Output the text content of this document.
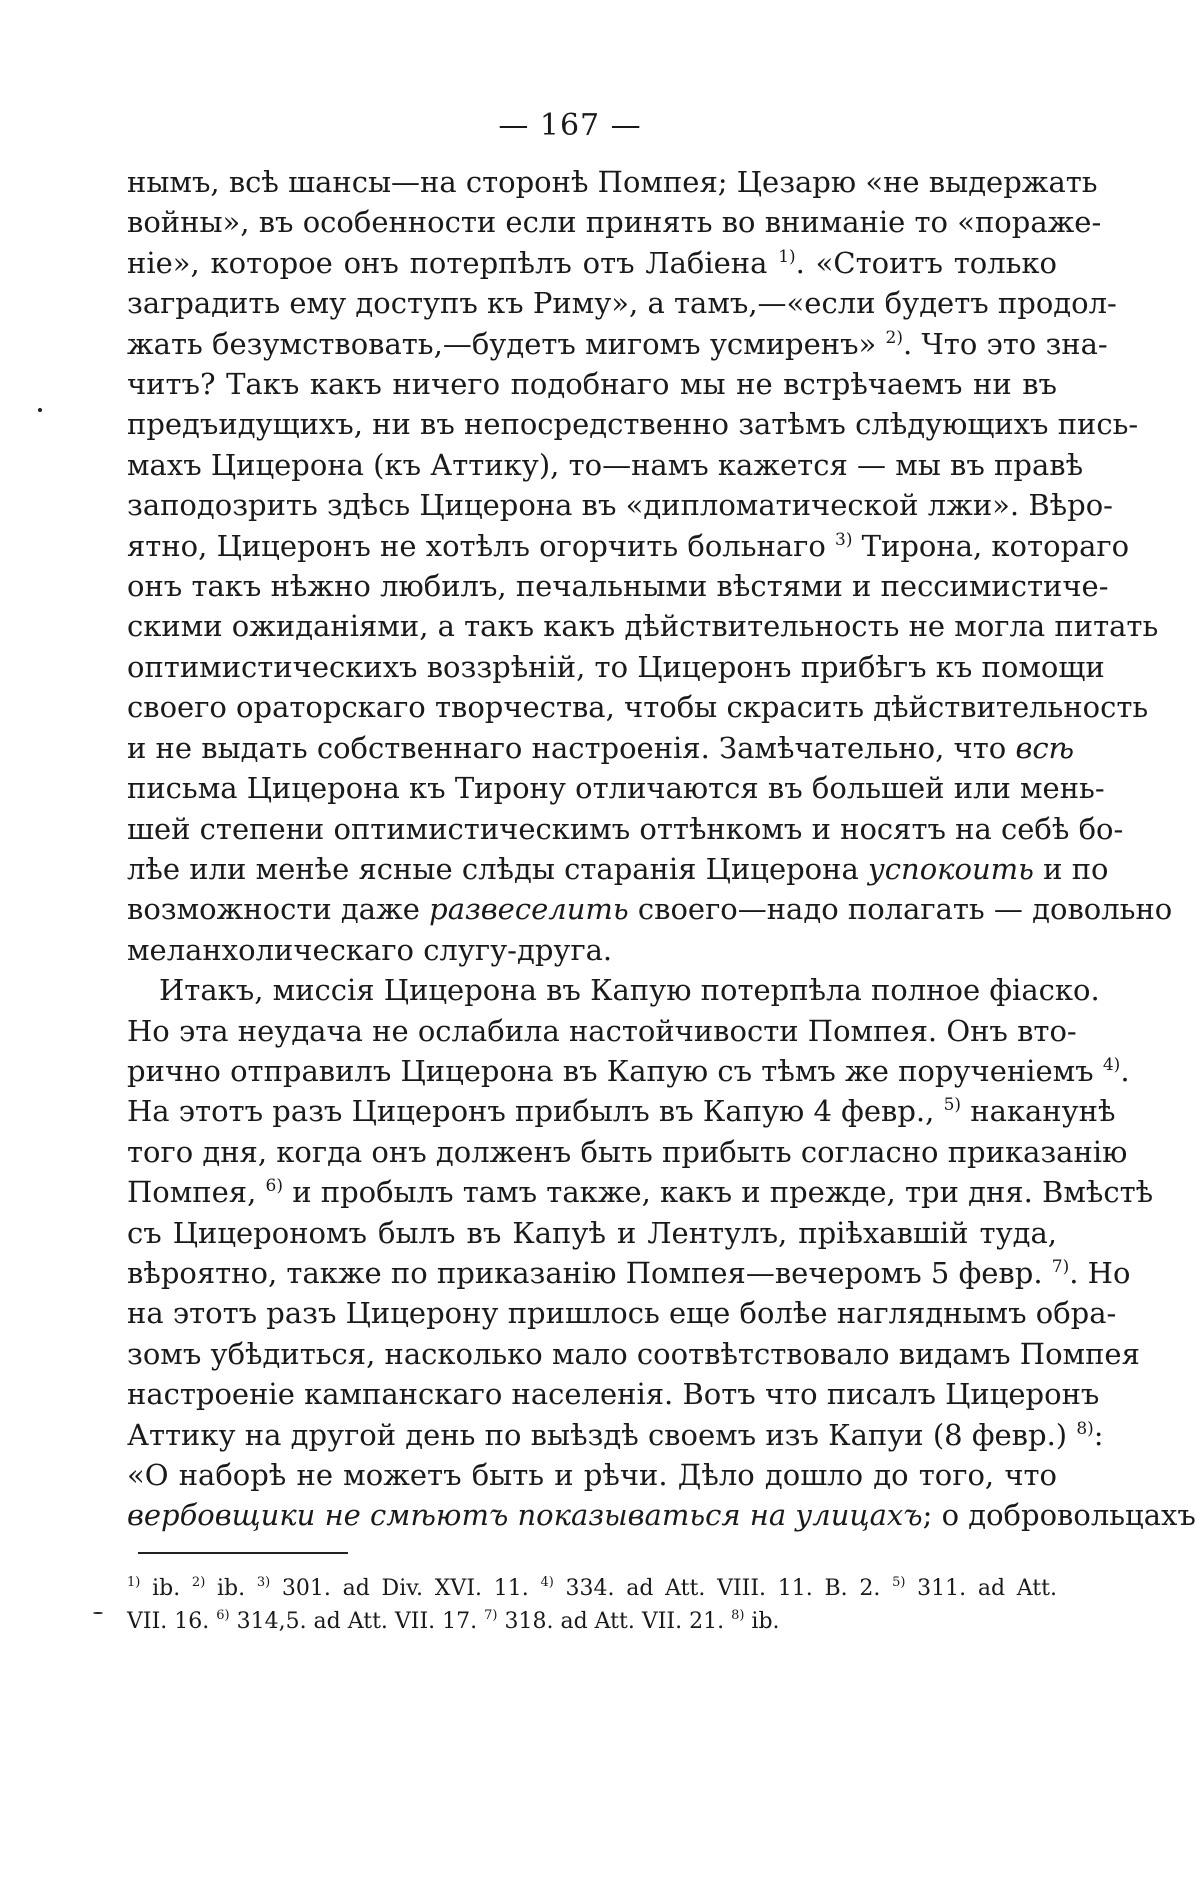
— 167 —
нымъ, всѣ шансы—на сторонѣ Помпея; Цезарю «не выдержать
войны», въ особенности если принять во вниманіе то «пораже-
ніе», которое онъ потерпѣлъ отъ Лабіена $^{1)}$. «Стоитъ только
заградить ему доступъ къ Риму», а тамъ,—«если будетъ продол-
жать безумствовать,—будетъ мигомъ усмиренъ» $^{2)}$. Что это зна-
читъ? Такъ какъ ничего подобнаго мы не встрѣчаемъ ни въ
предъидущихъ, ни въ непосредственно затѣмъ слѣдующихъ пись-
махъ Цицерона (къ Аттику), то—намъ кажется — мы въ правѣ
заподозрить здѣсь Цицерона въ «дипломатической лжи». Вѣро-
ятно, Цицеронъ не хотѣлъ огорчить больнаго $^{3)}$ Тирона, котораго
онъ такъ нѣжно любилъ, печальными вѣстями и пессимистиче-
скими ожиданіями, а такъ какъ дѣйствительность не могла питать
оптимистическихъ воззрѣній, то Цицеронъ прибѣгъ къ помощи
своего ораторскаго творчества, чтобы скрасить дѣйствительность
и не выдать собственнаго настроенія. Замѣчательно, что всѣ
письма Цицерона къ Тирону отличаются въ большей или мень-
шей степени оптимистическимъ оттѣнкомъ и носятъ на себѣ бо-
лѣе или менѣе ясные слѣды старанія Цицерона успокоить и по
возможности даже развеселить своего—надо полагать — довольно
меланхолическаго слугу-друга.
Итакъ, миссія Цицерона въ Капую потерпѣла полное фіаско.
Но эта неудача не ослабила настойчивости Помпея. Онъ вто-
рично отправилъ Цицерона въ Капую съ тѣмъ же порученіемъ $^{4)}$.
На этотъ разъ Цицеронъ прибылъ въ Капую 4 февр., $^{5)}$ наканунѣ
того дня, когда онъ долженъ быть прибыть согласно приказанію
Помпея, $^{6)}$ и пробылъ тамъ также, какъ и прежде, три дня. Вмѣстѣ
съ Цицерономъ былъ въ Капуѣ и Лентулъ, пріѣхавшій туда,
вѣроятно, также по приказанію Помпея—вечеромъ 5 февр. $^{7)}$. Но
на этотъ разъ Цицерону пришлось еще болѣе нагляднымъ обра-
зомъ убѣдиться, насколько мало соотвѣтствовало видамъ Помпея
настроеніе кампанскаго населенія. Вотъ что писалъ Цицеронъ
Аттику на другой день по выѣздѣ своемъ изъ Капуи (8 февр.) $^{8)}$:
«О наборѣ не можетъ быть и рѣчи. Дѣло дошло до того, что
вербовщики не смѣютъ показываться на улицахъ; о добровольцахъ
$^{1)}$ ib. $^{2)}$ ib. $^{3)}$ 301. ad Div. XVI. 11. $^{4)}$ 334. ad Att. VIII. 11. B. 2. $^{5)}$ 311. ad Att.
VII. 16. $^{6)}$ 314,5. ad Att. VII. 17. $^{7)}$ 318. ad Att. VII. 21. $^{8)}$ ib.
